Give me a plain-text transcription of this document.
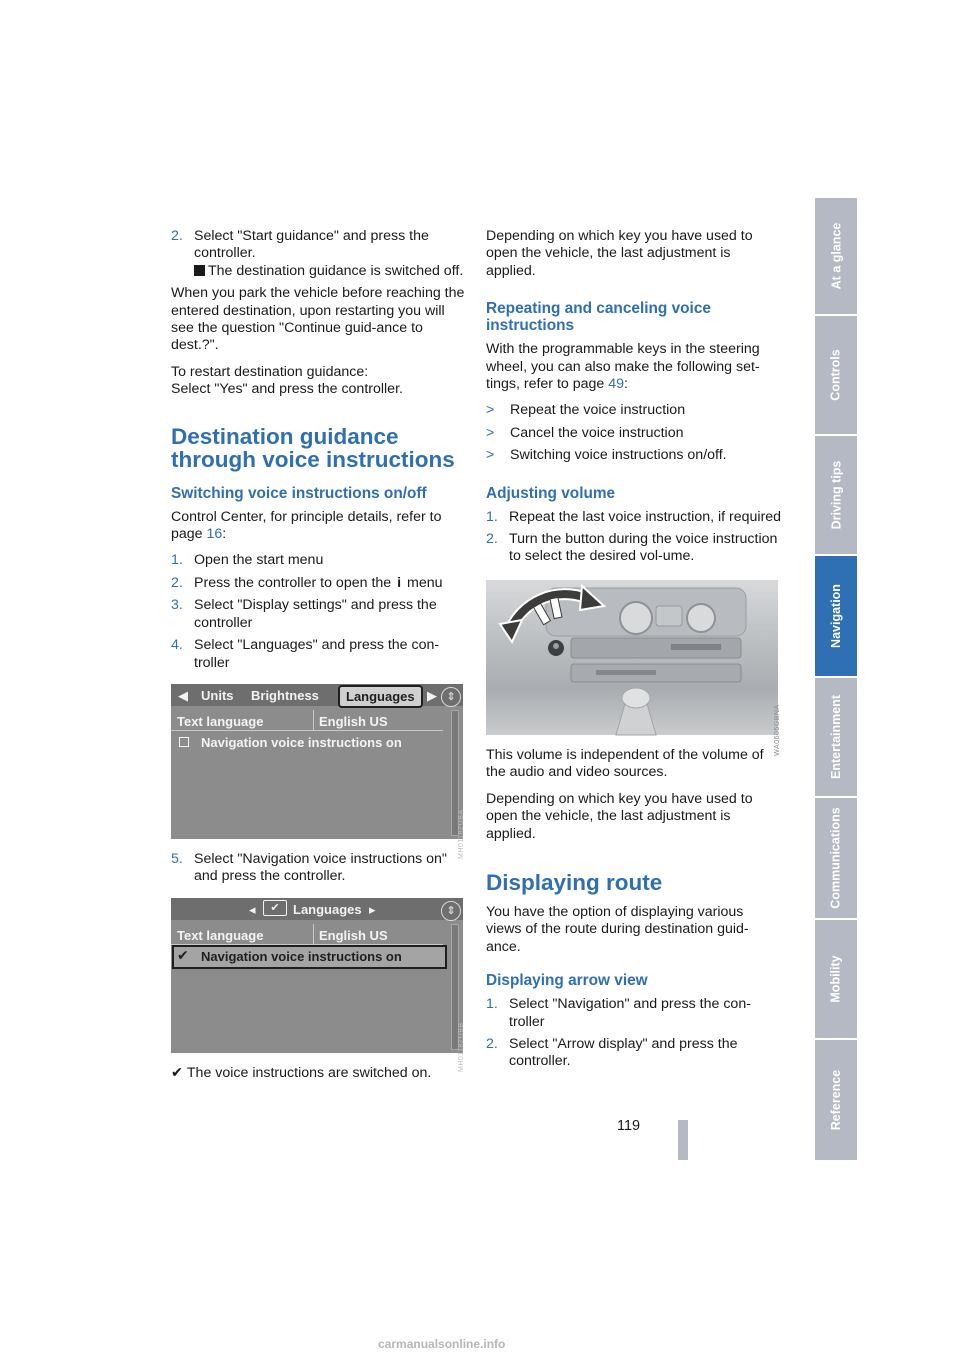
2. Select "Start guidance" and press the controller.
The destination guidance is switched off.

When you park the vehicle before reaching the entered destination, upon restarting you will see the question "Continue guid-ance to dest.?".

To restart destination guidance:
Select "Yes" and press the controller.

Destination guidance
through voice instructions
Switching voice instructions on/off

Control Center, for principle details, refer to page 16:

1. Open the start menu
2. Press the controller to open the i menu
3. Select "Display settings" and press the controller
4. Select "Languages" and press the con-troller
◀ Units Brightness	Languages ▶ ⇕
Text language	English US
Navigation voice instructions on
MH0118ZUBA
5. Select "Navigation voice instructions on" and press the controller.
◂	✔	Languages ▸	⇕
Text language	English US
✔ Navigation voice instructions on
MH0118ZUBB

✔ The voice instructions are switched on.

Depending on which key you have used to open the vehicle, the last adjustment is applied.

Repeating and canceling voice
instructions

With the programmable keys in the steering wheel, you can also make the following set-tings, refer to page 49:

> Repeat the voice instruction
> Cancel the voice instruction
> Switching voice instructions on/off.
Adjusting volume
1. Repeat the last voice instruction, if required
2. Turn the button during the voice instruction to select the desired vol-ume.
WA0605GBNA

This volume is independent of the volume of the audio and video sources.

Depending on which key you have used to open the vehicle, the last adjustment is applied.

Displaying route

You have the option of displaying various views of the route during destination guid-ance.

Displaying arrow view
1. Select "Navigation" and press the con-troller
2. Select "Arrow display" and press the controller.
At a glance
Controls
Driving tips
Navigation
Entertainment
Communications
Mobility
Reference
119
carmanualsonline.info
